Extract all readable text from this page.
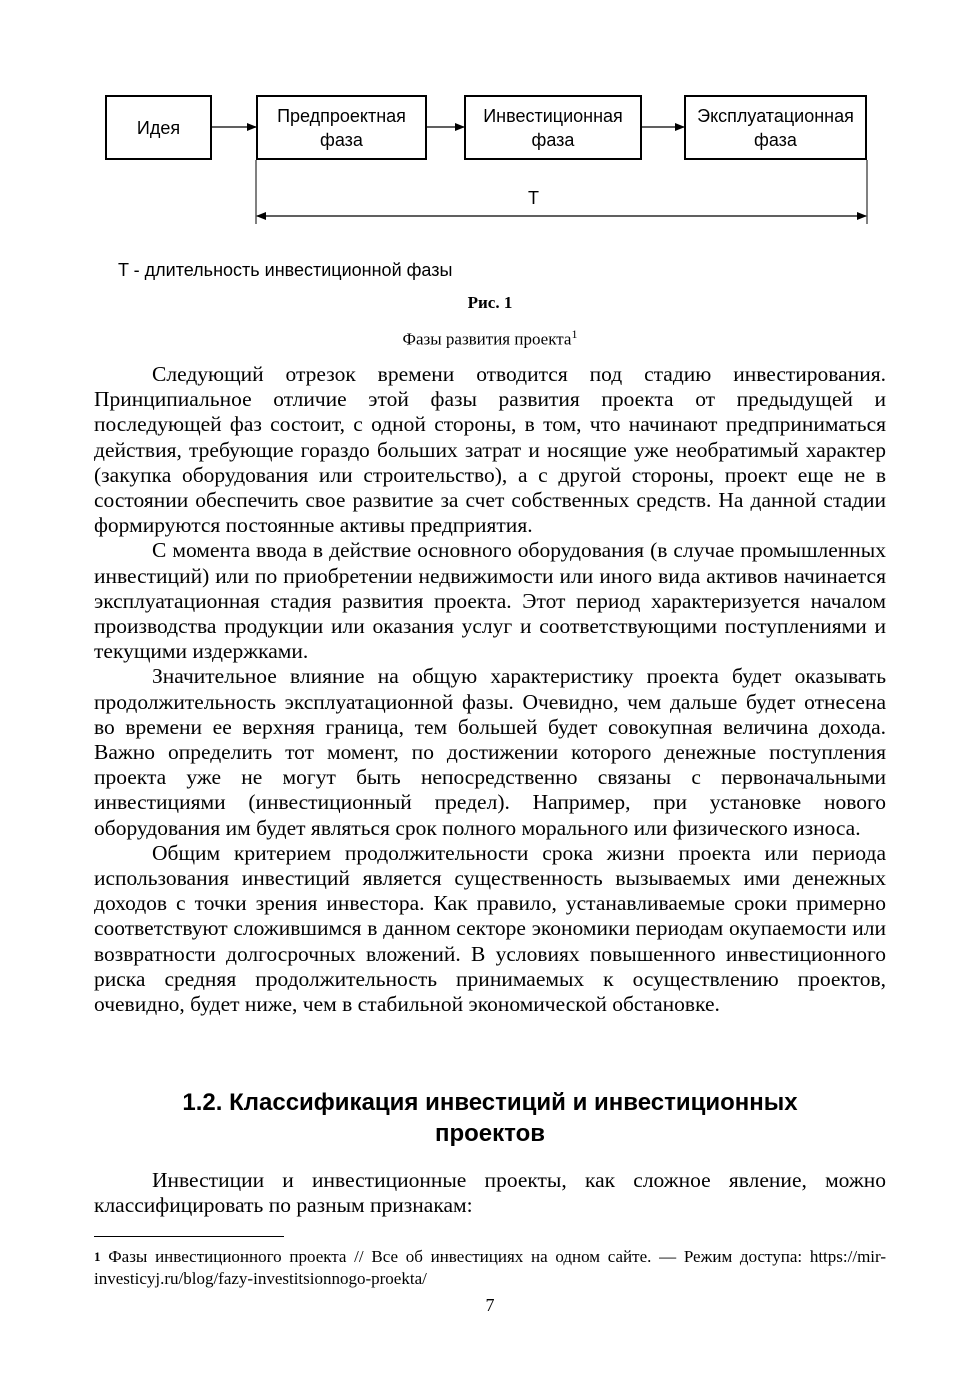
Идея
Предпроектная
фаза
Инвестиционная
фаза
Эксплуатационная
фаза
T
T - длительность инвестиционной фазы
Рис. 1
Фазы развития проекта$^1$

Следующий отрезок времени отводится под стадию инвестирования. Принципиальное отличие этой фазы развития проекта от предыдущей и последующей фаз состоит, с одной стороны, в том, что начинают предприниматься действия, требующие гораздо больших затрат и носящие уже необратимый характер (закупка оборудования или строительство), а с другой стороны, проект еще не в состоянии обеспечить свое развитие за счет собственных средств. На данной стадии формируются постоянные активы предприятия.

С момента ввода в действие основного оборудования (в случае промышленных инвестиций) или по приобретении недвижимости или иного вида активов начинается эксплуатационная стадия развития проекта. Этот период характеризуется началом производства продукции или оказания услуг и соответствующими поступлениями и текущими издержками.

Значительное влияние на общую характеристику проекта будет оказывать продолжительность эксплуатационной фазы. Очевидно, чем дальше будет отнесена во времени ее верхняя граница, тем большей будет совокупная величина дохода. Важно определить тот момент, по достижении которого денежные поступления проекта уже не могут быть непосредственно связаны с первоначальными инвестициями (инвестиционный предел). Например, при установке нового оборудования им будет являться срок полного морального или физического износа.

Общим критерием продолжительности срока жизни проекта или периода использования инвестиций является существенность вызываемых ими денежных доходов с точки зрения инвестора. Как правило, устанавливаемые сроки примерно соответствуют сложившимся в данном секторе экономики периодам окупаемости или возвратности долгосрочных вложений. В условиях повышенного инвестиционного риска средняя продолжительность принимаемых к осуществлению проектов, очевидно, будет ниже, чем в стабильной экономической обстановке.

1.2. Классификация инвестиций и инвестиционных
проектов

Инвестиции и инвестиционные проекты, как сложное явление, можно классифицировать по разным признакам:

$^1$ Фазы инвестиционного проекта // Все об инвестициях на одном сайте. — Режим доступа: https://mir-investicyj.ru/blog/fazy-investitsionnogo-proekta/
7
